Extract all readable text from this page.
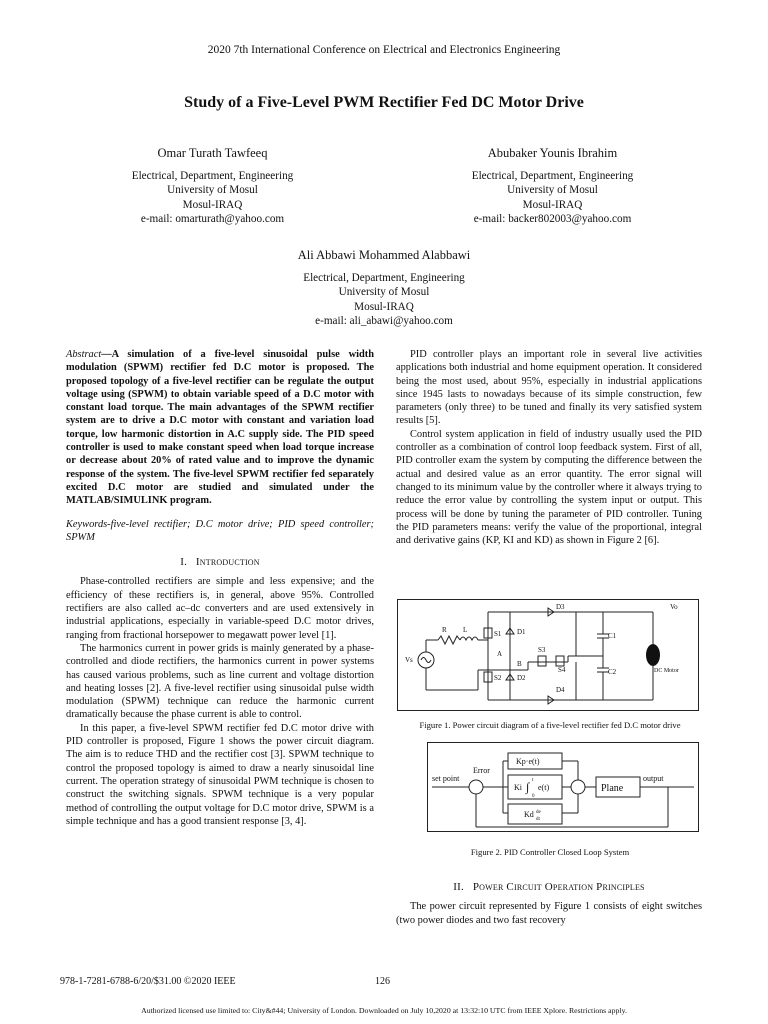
2020 7th International Conference on Electrical and Electronics Engineering
Study of a Five-Level PWM Rectifier Fed DC Motor Drive
Omar Turath Tawfeeq
Electrical, Department, Engineering
University of Mosul
Mosul-IRAQ
e-mail: omarturath@yahoo.com
Abubaker Younis Ibrahim
Electrical, Department, Engineering
University of Mosul
Mosul-IRAQ
e-mail: backer802003@yahoo.com
Ali Abbawi Mohammed Alabbawi
Electrical, Department, Engineering
University of Mosul
Mosul-IRAQ
e-mail: ali_abawi@yahoo.com
Abstract—A simulation of a five-level sinusoidal pulse width modulation (SPWM) rectifier fed D.C motor is proposed. The proposed topology of a five-level rectifier can be regulate the output voltage using (SPWM) to obtain variable speed of a D.C motor with constant load torque. The main advantages of the SPWM rectifier system are to drive a D.C motor with constant and variation load torque, low harmonic distortion in A.C supply side. The PID speed controller is used to make constant speed when load torque increase or decrease about 20% of rated value and to improve the dynamic response of the system. The five-level SPWM rectifier fed separately excited D.C motor are studied and simulated under the MATLAB/SIMULINK program.
Keywords-five-level rectifier; D.C motor drive; PID speed controller; SPWM
I. Introduction

Phase-controlled rectifiers are simple and less expensive; and the efficiency of these rectifiers is, in general, above 95%. Controlled rectifiers are also called ac–dc converters and are used extensively in industrial applications, especially in variable-speed D.C motor drives, ranging from fractional horsepower to megawatt power level [1].

The harmonics current in power grids is mainly generated by a phase-controlled and diode rectifiers, the harmonics current in power systems has caused various problems, such as line current and voltage distortion and heating losses [2]. A five-level rectifier using sinusoidal pulse width modulation (SPWM) technique can reduce the harmonic current dramatically because the phase current is able to control.

In this paper, a five-level SPWM rectifier fed D.C motor drive with PID controller is proposed, Figure 1 shows the power circuit diagram. The aim is to reduce THD and the rectifier cost [3]. SPWM technique to control the proposed topology is aimed to draw a nearly sinusoidal line current. The operation strategy of sinusoidal PWM technique is chosen to construct the switching signals. SPWM technique is a very popular method of controlling the output voltage for D.C motor drive, SPWM is a simple technique and has a good transient response [3, 4].

PID controller plays an important role in several live activities applications both industrial and home equipment operation. It considered being the most used, about 95%, especially in industrial applications since 1945 lasts to nowadays because of its simple construction, few parameters (only three) to be tuned and finally its very satisfied system results [5].

Control system application in field of industry usually used the PID controller as a combination of control loop feedback system. First of all, PID controller exam the system by computing the difference between the actual and desired value as an error quantity. The error signal will changed to its minimum value by the controller where it always trying to reduce the error value by controlling the system input or output. This process will be done by tuning the parameter of PID controller. Tuning the PID parameters means: verify the value of the proportional, integral and derivative gains (KP, KI and KD) as shown in Figure 2 [6].

R L
Vs
S1
S2
S3
S4
D1
D2
D3
D4
C1
C2
A
B
Vo
DC Motor
Figure 1. Power circuit diagram of a five-level rectifier fed D.C motor drive
set point
Error
Kp·e(t)
Ki ∫ t
0
e(t)
Kd de
dt
Plane
output
Figure 2. PID Controller Closed Loop System
II. Power Circuit Operation Principles

The power circuit represented by Figure 1 consists of eight switches (two power diodes and two fast recovery

978-1-7281-6788-6/20/$31.00 ©2020 IEEE	126
Authorized licensed use limited to: City&#44; University of London. Downloaded on July 10,2020 at 13:32:10 UTC from IEEE Xplore. Restrictions apply.
